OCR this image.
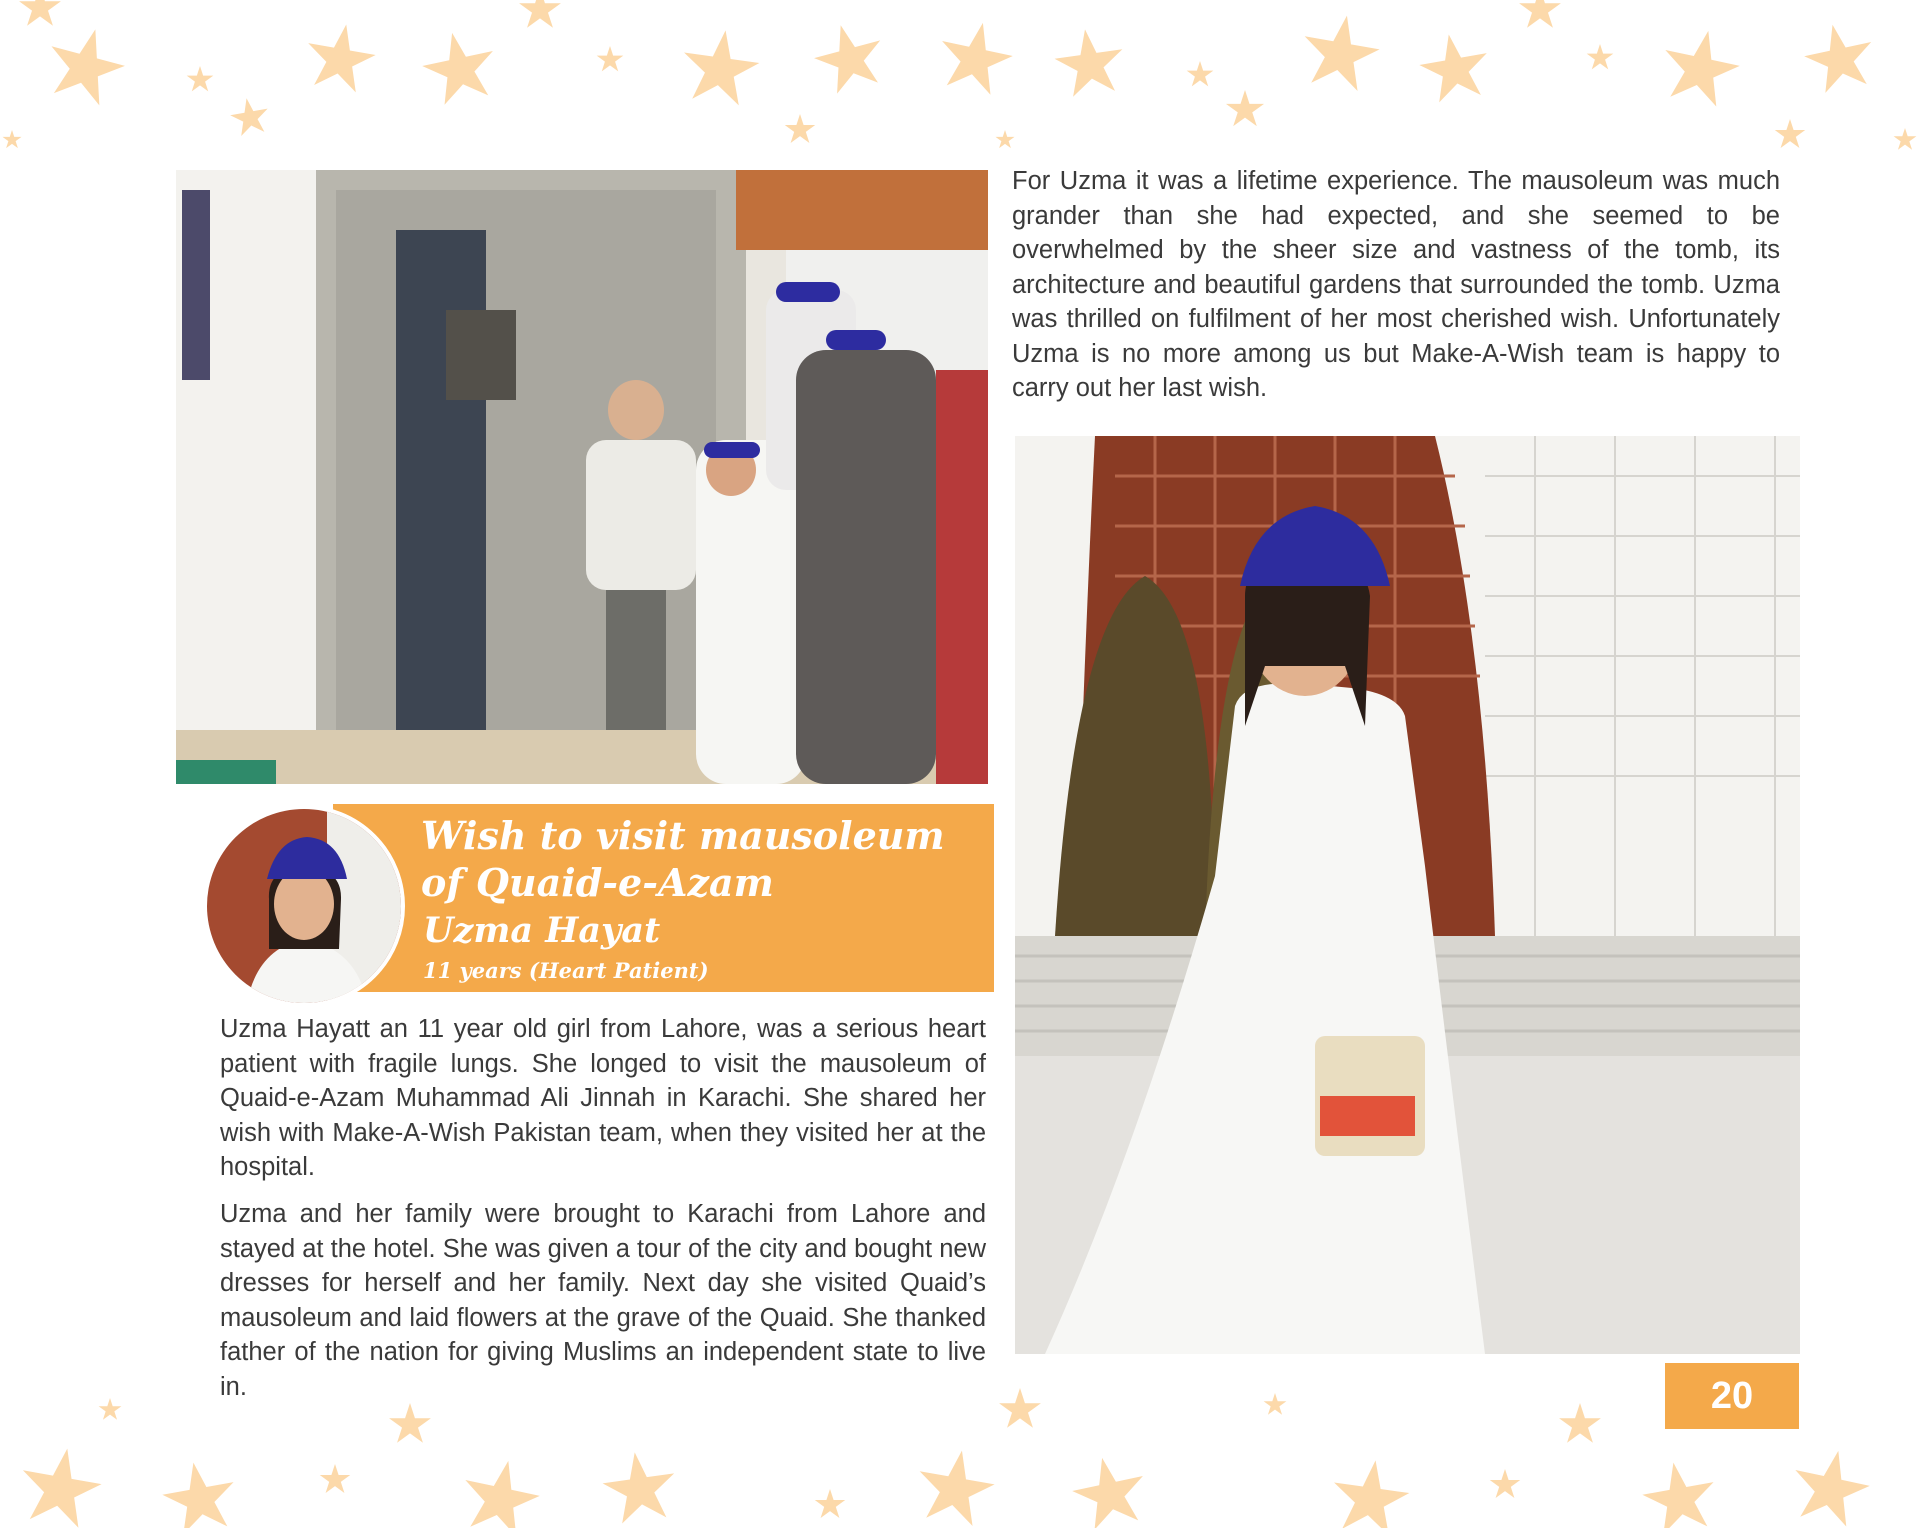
Wish to visit mausoleum of Quaid-e-Azam
Uzma Hayat
11 years (Heart Patient)

Uzma Hayatt an 11 year old girl from Lahore, was a serious heart patient with fragile lungs. She longed to visit the mausoleum of Quaid-e-Azam Muhammad Ali Jinnah in Karachi. She shared her wish with Make-A-Wish Pakistan team, when they visited her at the hospital.

Uzma and her family were brought to Karachi from Lahore and stayed at the hotel. She was given a tour of the city and bought new dresses for herself and her family. Next day she visited Quaid’s mausoleum and laid flowers at the grave of the Quaid. She thanked father of the nation for giving Muslims an independent state to live in.

For Uzma it was a lifetime experience. The mausoleum was much grander than she had expected, and she seemed to be overwhelmed by the sheer size and vastness of the tomb, its architecture and beautiful gardens that surrounded the tomb. Uzma was thrilled on fulfilment of her most cherished wish. Unfortunately Uzma is no more among us but Make-A-Wish team is happy to carry out her last wish.

20
